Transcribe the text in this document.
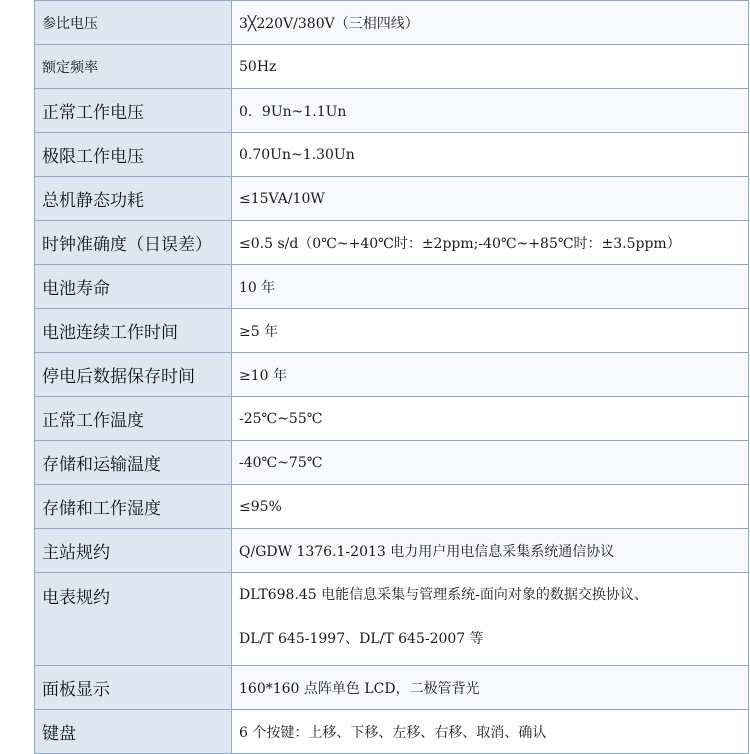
参比电压	3╳220V/380V（三相四线）
额定频率	50Hz
正常工作电压	0．9Un~1.1Un
极限工作电压	0.70Un~1.30Un
总机静态功耗	≤15VA/10W
时钟准确度（日误差）	≤0.5 s/d（0℃~+40℃时：±2ppm;-40℃~+85℃时：±3.5ppm）
电池寿命	10 年
电池连续工作时间	≥5 年
停电后数据保存时间	≥10 年
正常工作温度	-25℃~55℃
存储和运输温度	-40℃~75℃
存储和工作湿度	≤95%
主站规约	Q/GDW 1376.1-2013 电力用户用电信息采集系统通信协议
电表规约	DLT698.45 电能信息采集与管理系统-面向对象的数据交换协议、
DL/T 645-1997、DL/T 645-2007 等

面板显示	160*160 点阵单色 LCD，二极管背光
键盘	6 个按键：上移、下移、左移、右移、取消、确认
